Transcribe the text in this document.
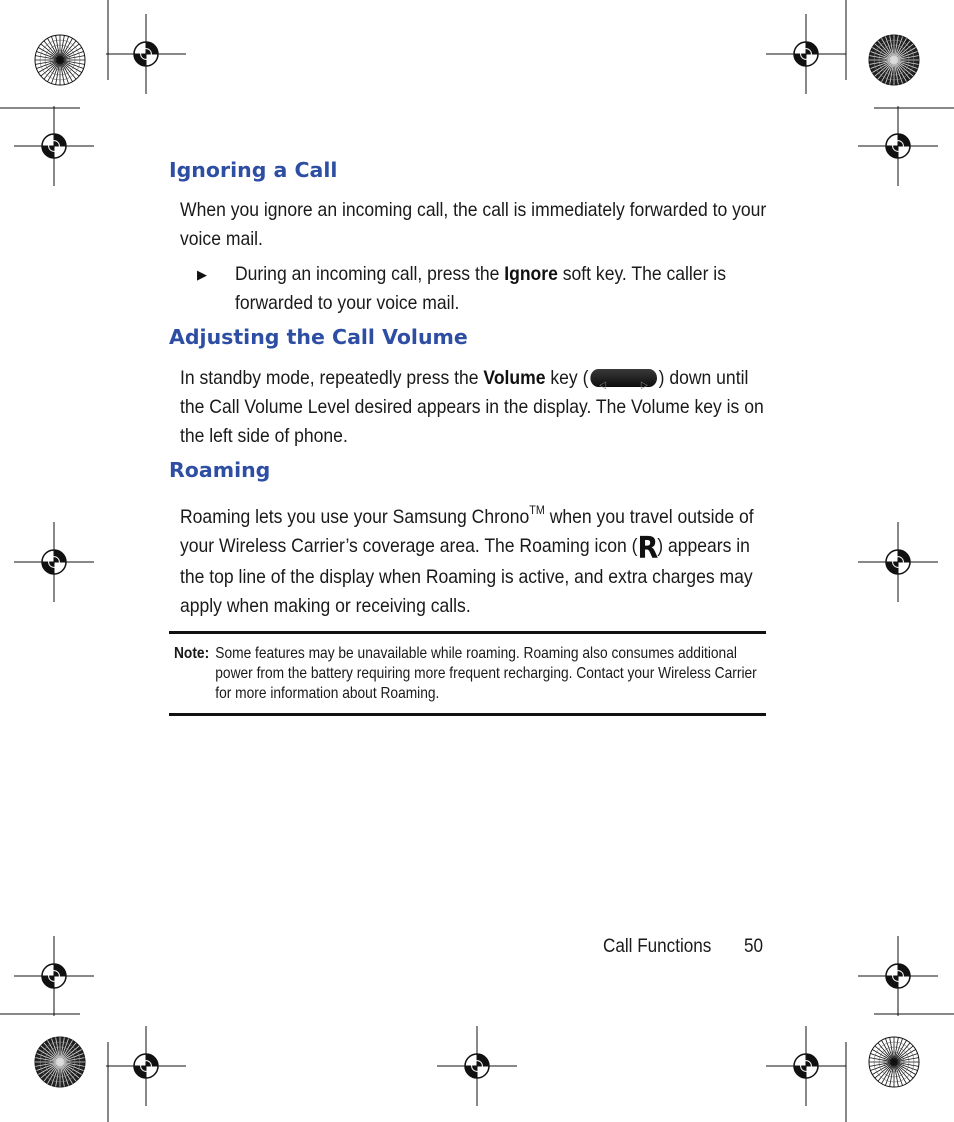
Ignoring a Call

When you ignore an incoming call, the call is immediately forwarded to your voice mail.

▶ During an incoming call, press the Ignore soft key. The caller is forwarded to your voice mail.

Adjusting the Call Volume

In standby mode, repeatedly press the Volume key ( ◁	▷ ) down until the Call Volume Level desired appears in the display. The Volume key is on the left side of phone.

Roaming

Roaming lets you use your Samsung Chrono™ when you travel outside of your Wireless Carrier’s coverage area. The Roaming icon (R) appears in the top line of the display when Roaming is active, and extra charges may apply when making or receiving calls.

Note: Some features may be unavailable while roaming. Roaming also consumes additional power from the battery requiring more frequent recharging. Contact your Wireless Carrier for more information about Roaming.
Call Functions 50
